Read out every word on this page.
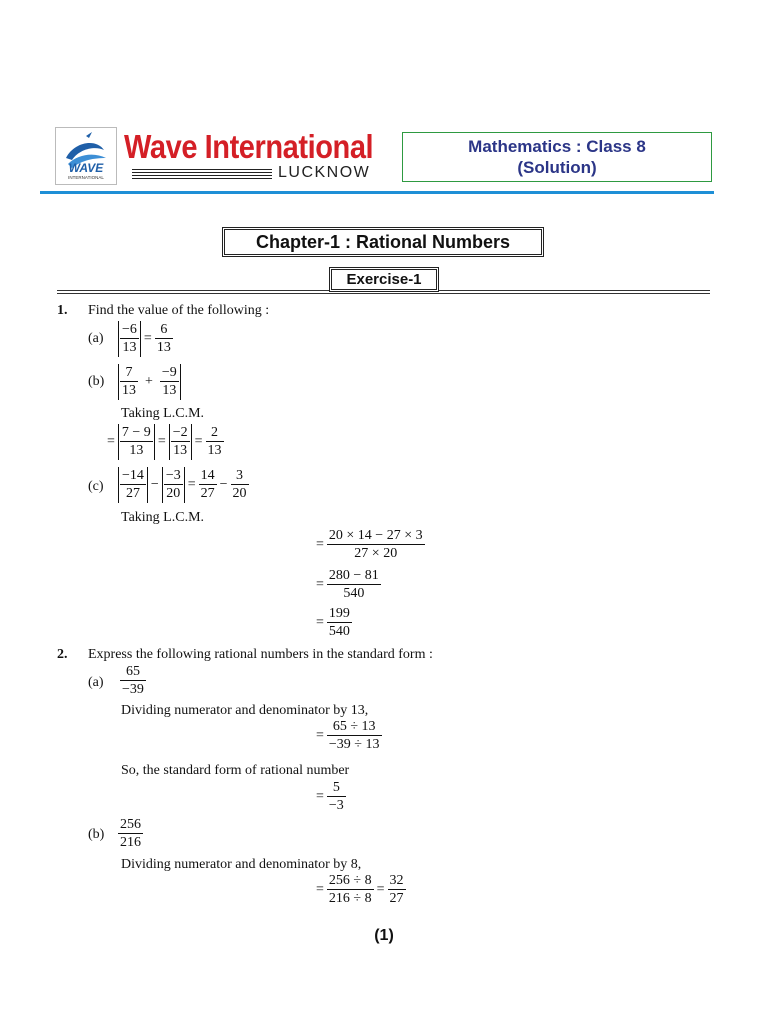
WAVE
INTERNATIONAL
Wave International
LUCKNOW
Mathematics : Class 8
(Solution)
Chapter-1 : Rational Numbers
Exercise-1
1. Find the value of the following :
$(a) \frac{-6}{13} = \frac{6}{13}$
$(b) \frac{7}{13} + \frac{-9}{13}$
Taking L.C.M.
= $\frac{7 - 9}{13} = \frac{-2}{13} = \frac{2}{13}$
$(c) \frac{-14}{27} - \frac{-3}{20} = \frac{14}{27} - \frac{3}{20}$
Taking L.C.M.
= $\frac{20 \times 14 - 27 \times 3}{27 \times 20}$
= $\frac{280 - 81}{540}$
= $\frac{199}{540}$
2. Express the following rational numbers in the standard form :
$(a) \frac{65}{-39}$
Dividing numerator and denominator by 13,
= $\frac{65 \div 13}{-39 \div 13}$
So, the standard form of rational number
= $\frac{5}{-3}$
$(b) \frac{256}{216}$
Dividing numerator and denominator by 8,
= $\frac{256 \div 8}{216 \div 8} = \frac{32}{27}$
(1)
